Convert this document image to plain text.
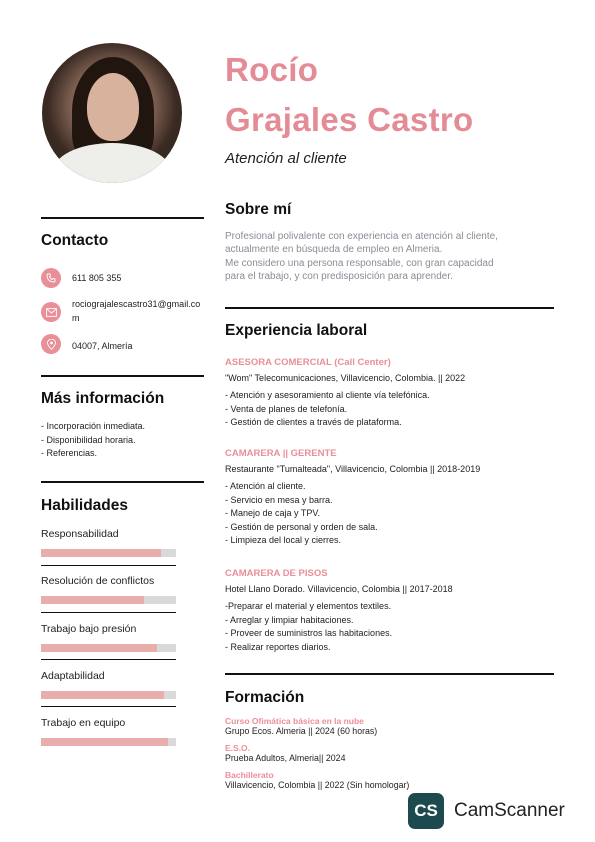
Rocío
Grajales Castro
Atención al cliente
Contacto
611 805 355
rociograjalescastro31@gmail.com
04007, Almería
Más información
- Incorporación inmediata.
- Disponibilidad horaria.
- Referencias.
Habilidades
Responsabilidad
Resolución de conflictos
Trabajo bajo presión
Adaptabilidad
Trabajo en equipo
Sobre mí
Profesional polivalente con experiencia en atención al cliente,
actualmente en búsqueda de empleo en Almeria.
Me considero una persona responsable, con gran capacidad
para el trabajo, y con predisposición para aprender.
Experiencia laboral
ASESORA COMERCIAL (Call Center)
"Wom" Telecomunicaciones, Villavicencio, Colombia. || 2022
- Atención y asesoramiento al cliente vía telefónica.
- Venta de planes de telefonía.
- Gestión de clientes a través de plataforma.
CAMARERA || GERENTE
Restaurante "Tumalteada", Villavicencio, Colombia || 2018-2019
- Atención al cliente.
- Servicio en mesa y barra.
- Manejo de caja y TPV.
- Gestión de personal y orden de sala.
- Limpieza del local y cierres.
CAMARERA DE PISOS
Hotel Llano Dorado. Villavicencio, Colombia || 2017-2018
-Preparar el material y elementos textiles.
- Arreglar y limpiar habitaciones.
- Proveer de suministros las habitaciones.
- Realizar reportes diarios.
Formación
Curso Ofimática básica en la nube
Grupo Ecos. Almeria || 2024 (60 horas)
E.S.O.
Prueba Adultos, Almeria|| 2024
Bachillerato
Villavicencio, Colombia || 2022 (Sin homologar)
CS CamScanner
